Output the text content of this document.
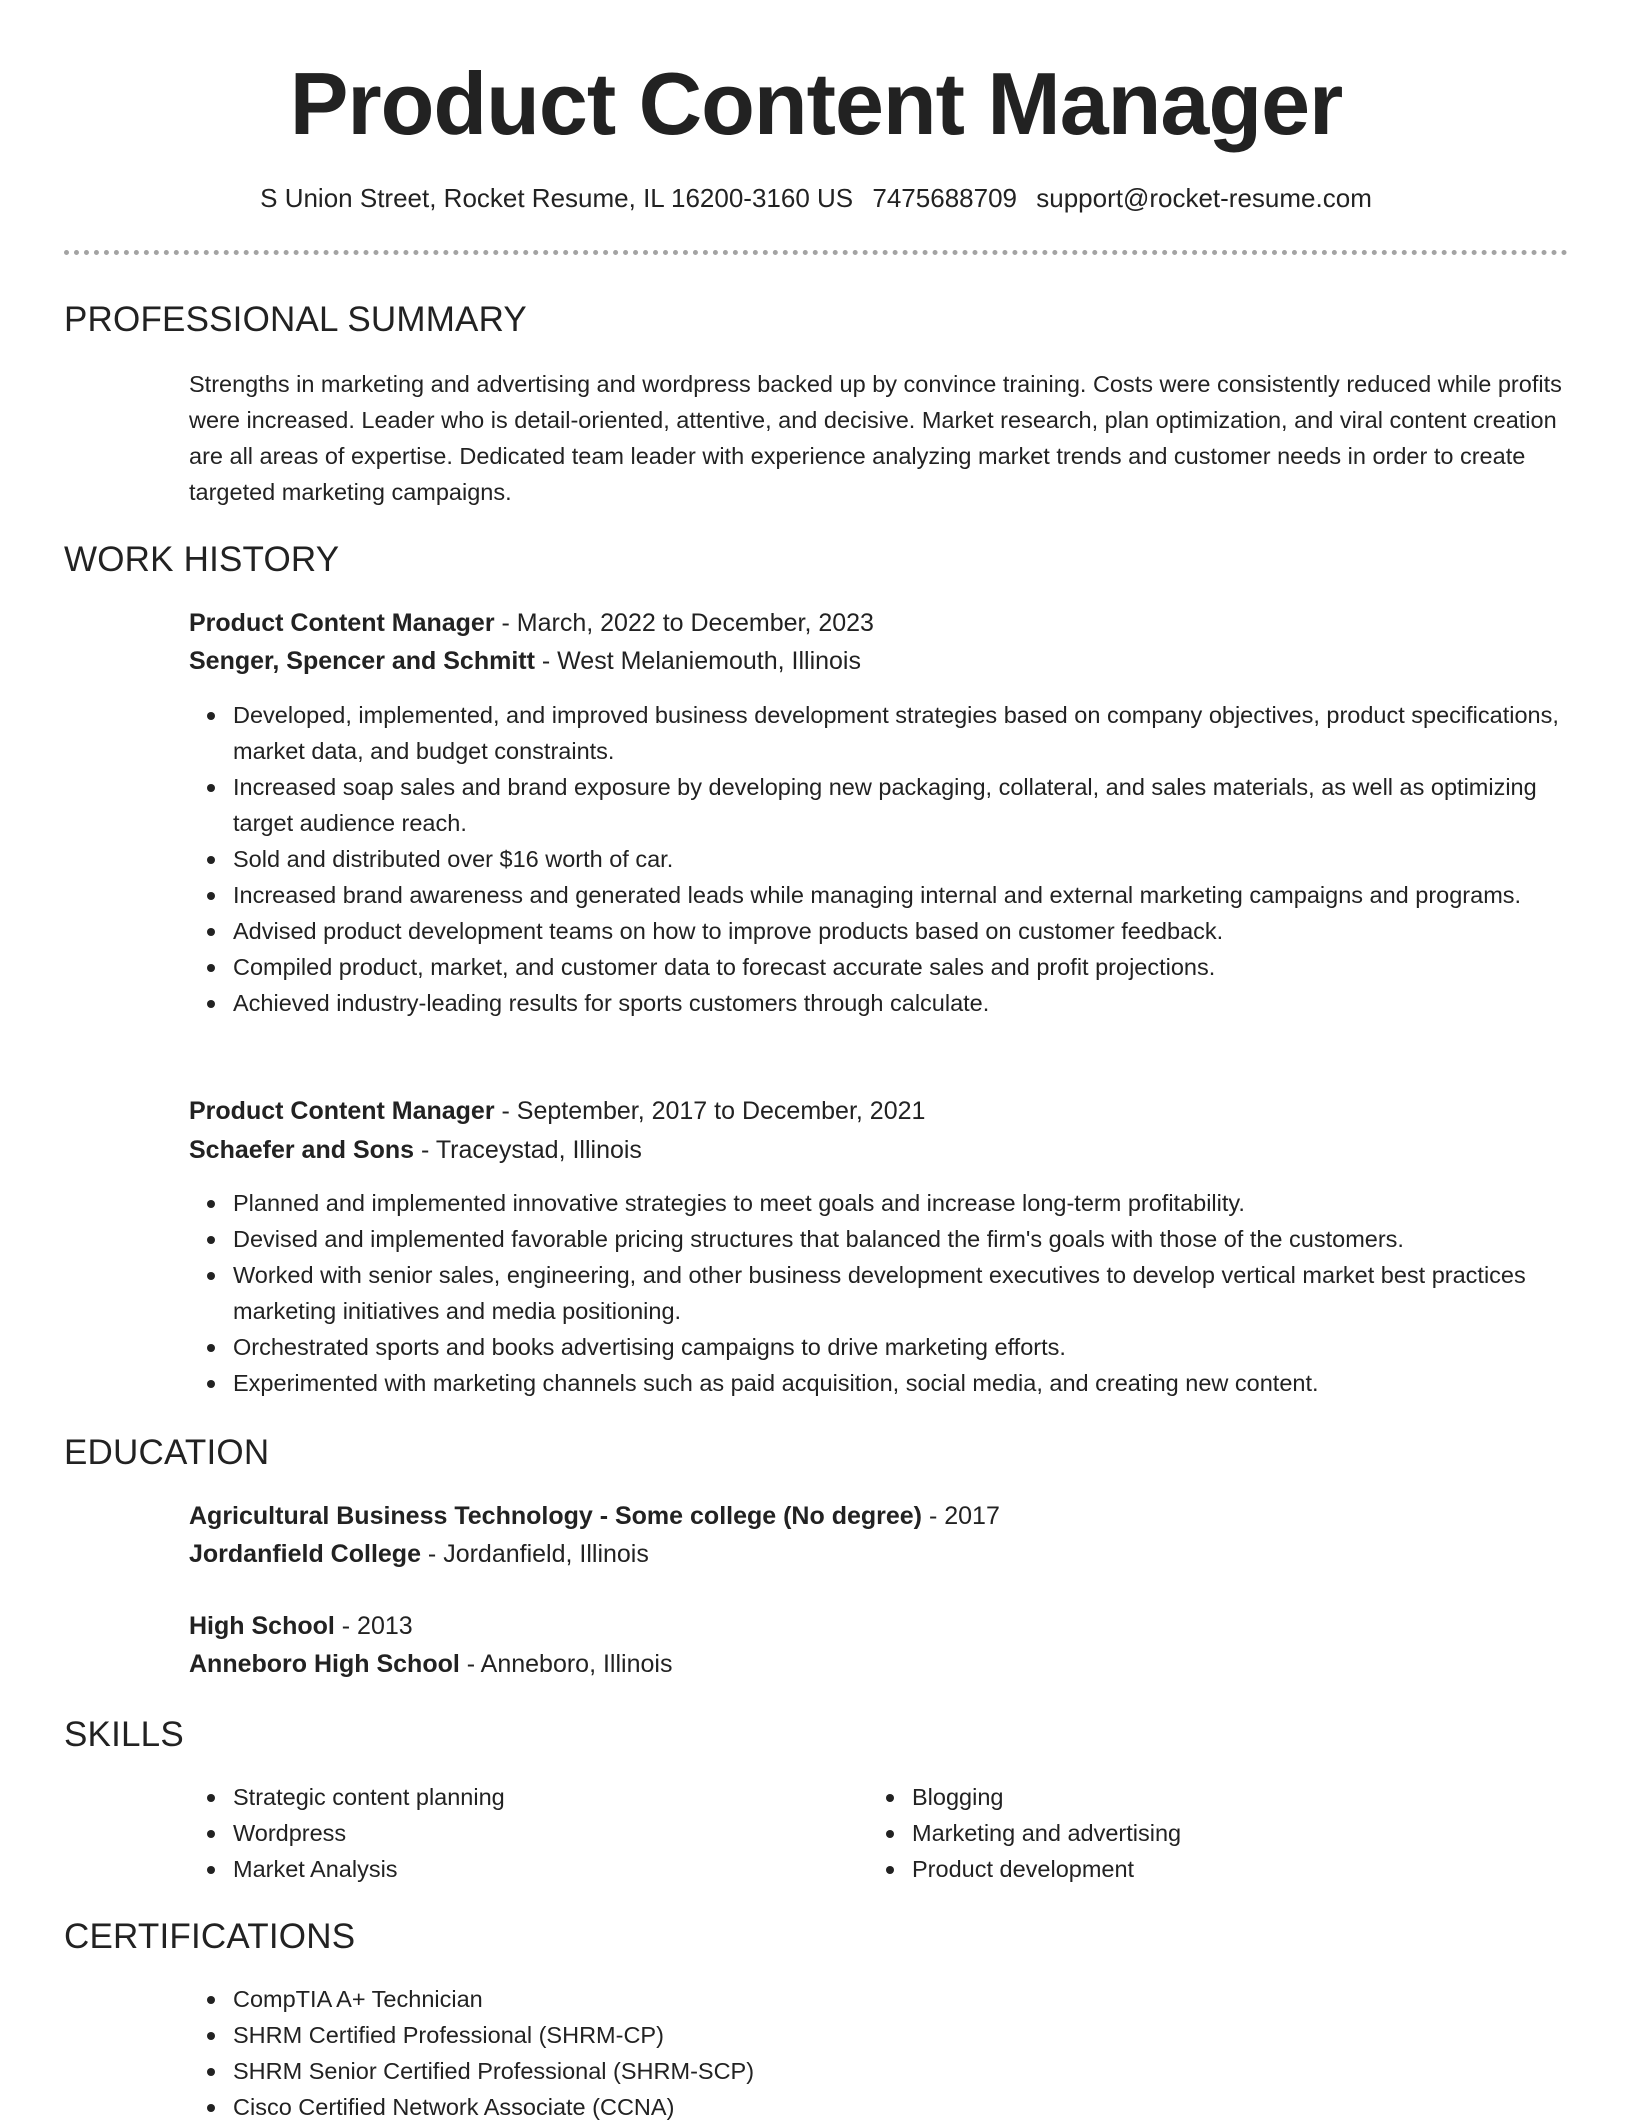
Product Content Manager
S Union Street, Rocket Resume, IL 16200-3160 US 7475688709 support@rocket-resume.com
PROFESSIONAL SUMMARY

Strengths in marketing and advertising and wordpress backed up by convince training. Costs were consistently reduced while profits were increased. Leader who is detail-oriented, attentive, and decisive. Market research, plan optimization, and viral content creation are all areas of expertise. Dedicated team leader with experience analyzing market trends and customer needs in order to create targeted marketing campaigns.

WORK HISTORY
Product Content Manager - March, 2022 to December, 2023
Senger, Spencer and Schmitt - West Melaniemouth, Illinois
Developed, implemented, and improved business development strategies based on company objectives, product specifications, market data, and budget constraints.
Increased soap sales and brand exposure by developing new packaging, collateral, and sales materials, as well as optimizing target audience reach.
Sold and distributed over $16 worth of car.
Increased brand awareness and generated leads while managing internal and external marketing campaigns and programs.
Advised product development teams on how to improve products based on customer feedback.
Compiled product, market, and customer data to forecast accurate sales and profit projections.
Achieved industry-leading results for sports customers through calculate.
Product Content Manager - September, 2017 to December, 2021
Schaefer and Sons - Traceystad, Illinois
Planned and implemented innovative strategies to meet goals and increase long-term profitability.
Devised and implemented favorable pricing structures that balanced the firm's goals with those of the customers.
Worked with senior sales, engineering, and other business development executives to develop vertical market best practices marketing initiatives and media positioning.
Orchestrated sports and books advertising campaigns to drive marketing efforts.
Experimented with marketing channels such as paid acquisition, social media, and creating new content.
EDUCATION
Agricultural Business Technology - Some college (No degree) - 2017
Jordanfield College - Jordanfield, Illinois
High School - 2013
Anneboro High School - Anneboro, Illinois
SKILLS
Strategic content planning
Wordpress
Market Analysis
Blogging
Marketing and advertising
Product development
CERTIFICATIONS
CompTIA A+ Technician
SHRM Certified Professional (SHRM-CP)
SHRM Senior Certified Professional (SHRM-SCP)
Cisco Certified Network Associate (CCNA)
